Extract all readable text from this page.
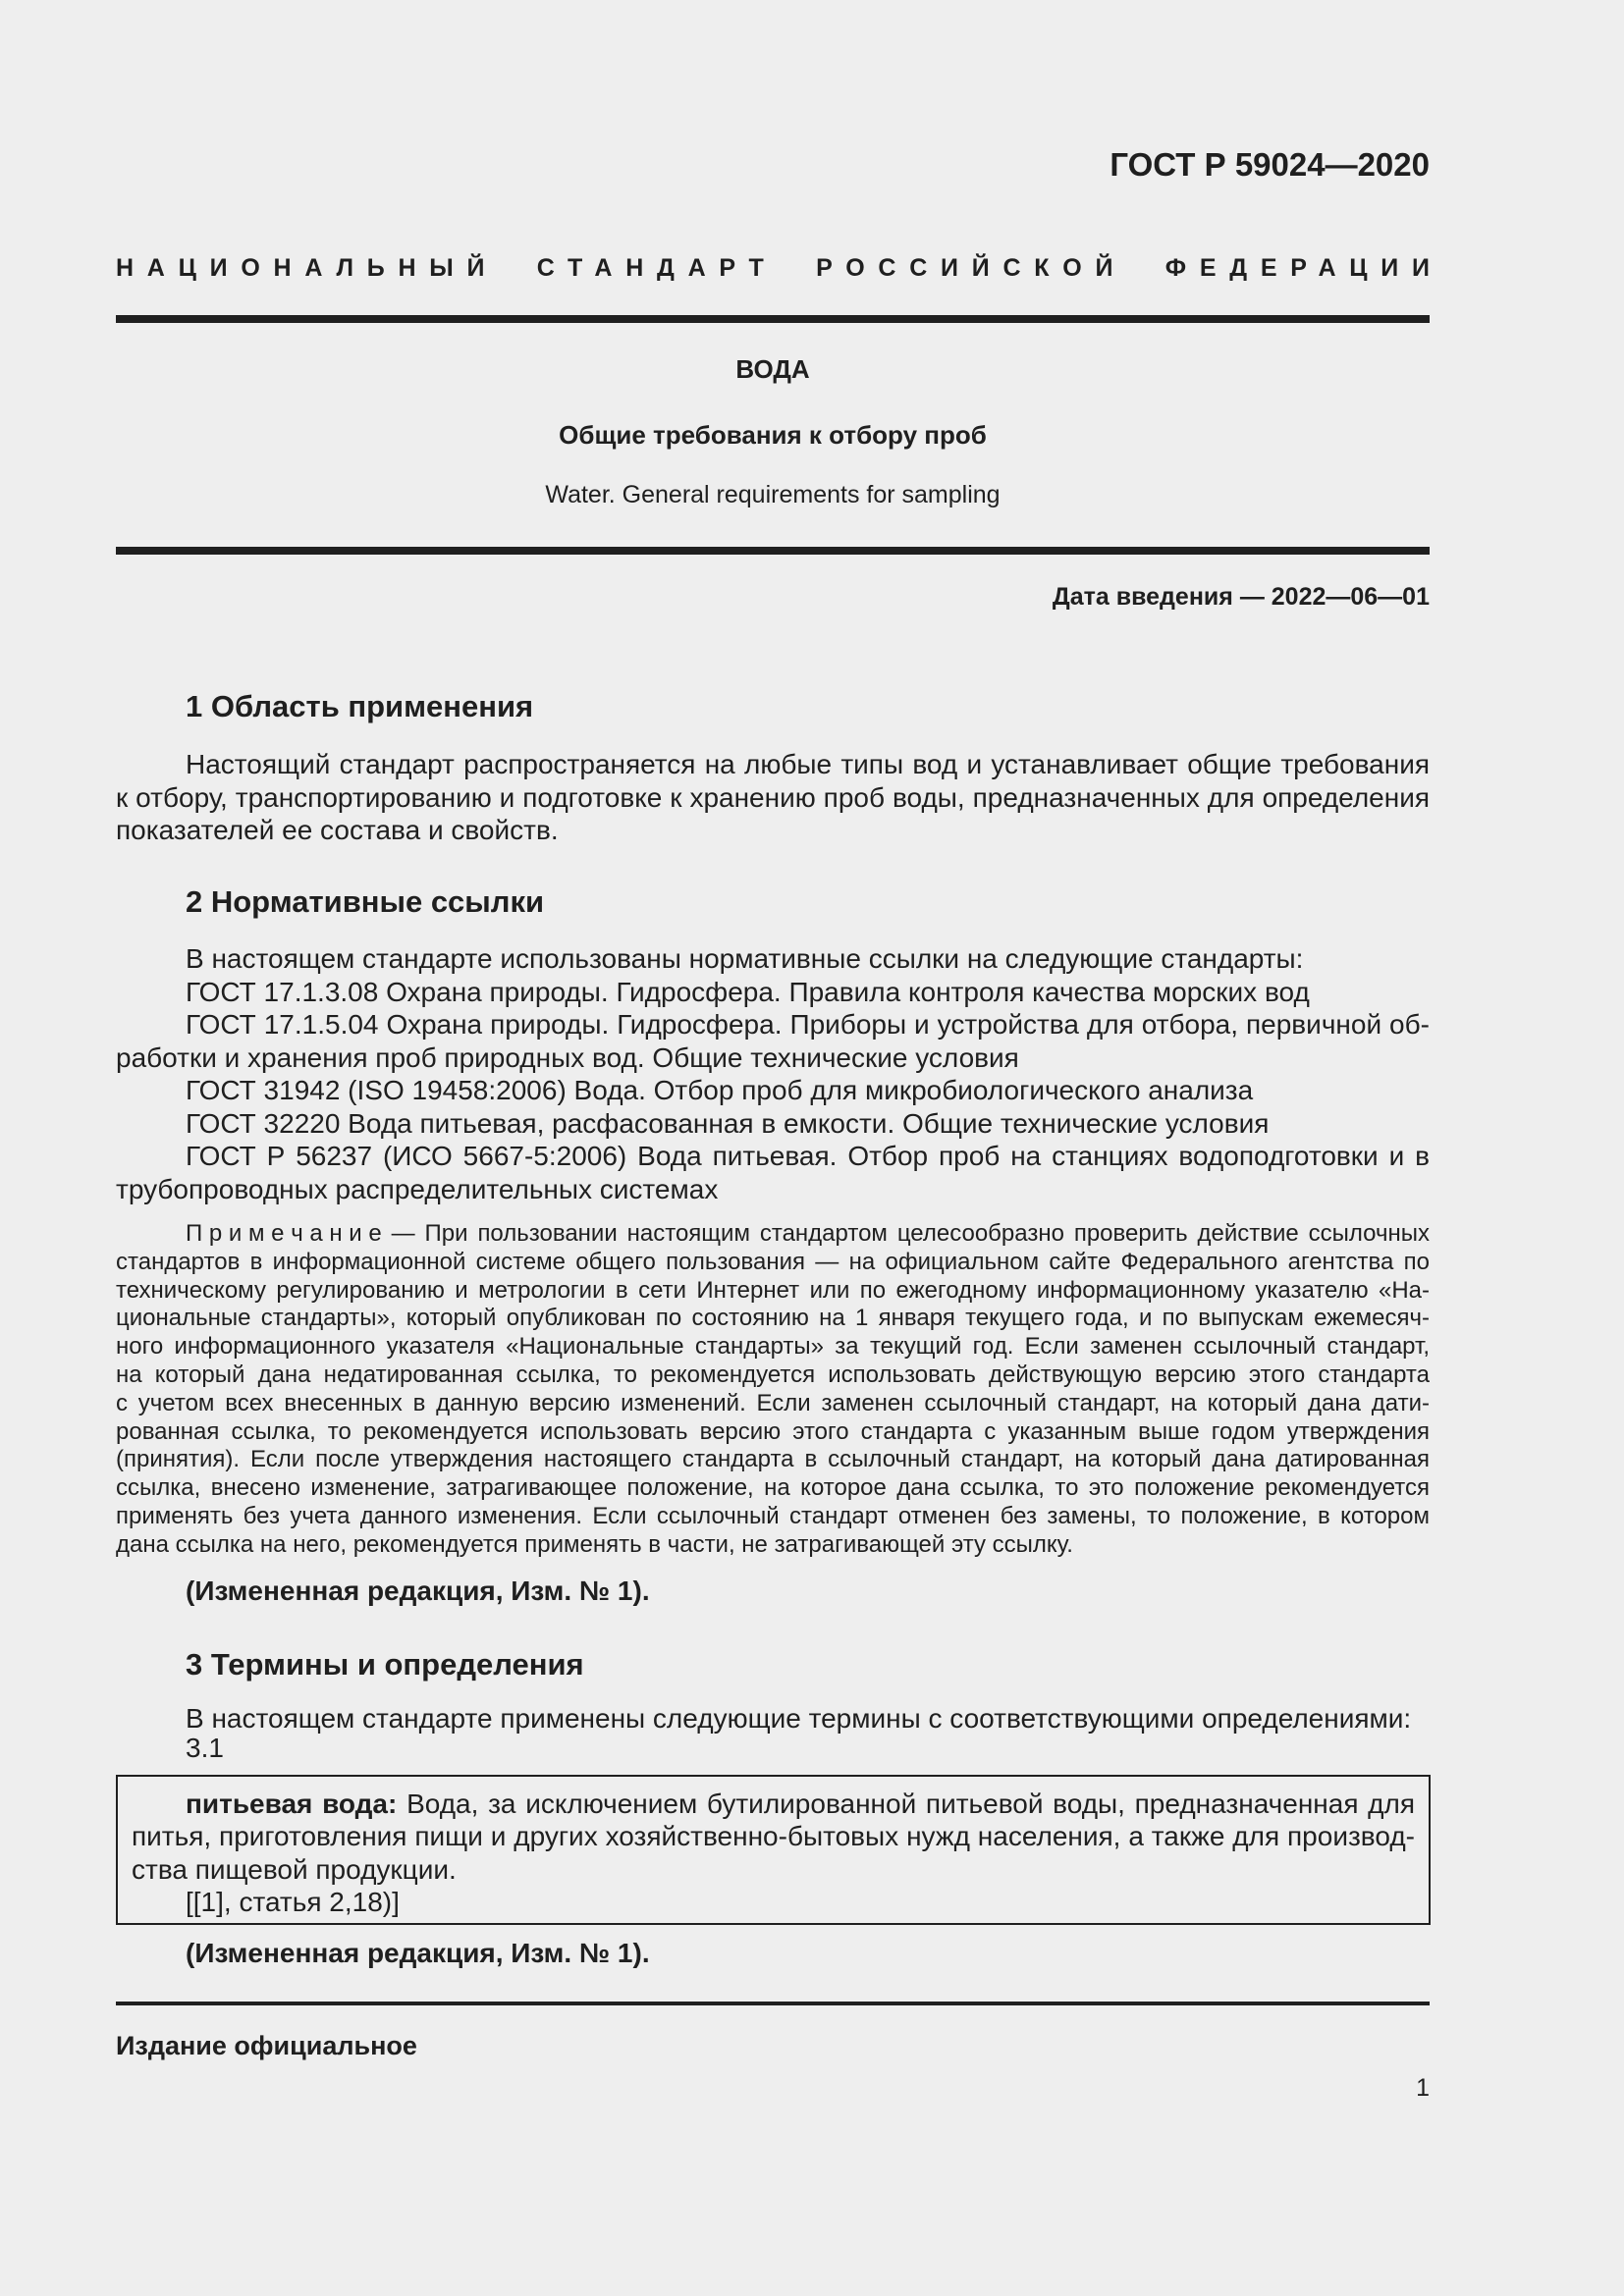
ГОСТ Р 59024—2020
НАЦИОНАЛЬНЫЙ СТАНДАРТ РОССИЙСКОЙ ФЕДЕРАЦИИ
ВОДА
Общие требования к отбору проб
Water. General requirements for sampling
Дата введения — 2022—06—01
1 Область применения
Настоящий стандарт распространяется на любые типы вод и устанавливает общие требования
к отбору, транспортированию и подготовке к хранению проб воды, предназначенных для определения
показателей ее состава и свойств.
2 Нормативные ссылки
В настоящем стандарте использованы нормативные ссылки на следующие стандарты:
ГОСТ 17.1.3.08 Охрана природы. Гидросфера. Правила контроля качества морских вод
ГОСТ 17.1.5.04 Охрана природы. Гидросфера. Приборы и устройства для отбора, первичной об-
работки и хранения проб природных вод. Общие технические условия
ГОСТ 31942 (ISO 19458:2006) Вода. Отбор проб для микробиологического анализа
ГОСТ 32220 Вода питьевая, расфасованная в емкости. Общие технические условия
ГОСТ Р 56237 (ИСО 5667-5:2006) Вода питьевая. Отбор проб на станциях водоподготовки и в
трубопроводных распределительных системах
П р и м е ч а н и е — При пользовании настоящим стандартом целесообразно проверить действие ссылочных
стандартов в информационной системе общего пользования — на официальном сайте Федерального агентства по
техническому регулированию и метрологии в сети Интернет или по ежегодному информационному указателю «На-
циональные стандарты», который опубликован по состоянию на 1 января текущего года, и по выпускам ежемесяч-
ного информационного указателя «Национальные стандарты» за текущий год. Если заменен ссылочный стандарт,
на который дана недатированная ссылка, то рекомендуется использовать действующую версию этого стандарта
с учетом всех внесенных в данную версию изменений. Если заменен ссылочный стандарт, на который дана дати-
рованная ссылка, то рекомендуется использовать версию этого стандарта с указанным выше годом утверждения
(принятия). Если после утверждения настоящего стандарта в ссылочный стандарт, на который дана датированная
ссылка, внесено изменение, затрагивающее положение, на которое дана ссылка, то это положение рекомендуется
применять без учета данного изменения. Если ссылочный стандарт отменен без замены, то положение, в котором
дана ссылка на него, рекомендуется применять в части, не затрагивающей эту ссылку.
(Измененная редакция, Изм. № 1).
3 Термины и определения
В настоящем стандарте применены следующие термины с соответствующими определениями:
3.1
питьевая вода: Вода, за исключением бутилированной питьевой воды, предназначенная для
питья, приготовления пищи и других хозяйственно-бытовых нужд населения, а также для производ-
ства пищевой продукции.
[[1], статья 2,18)]
(Измененная редакция, Изм. № 1).
Издание официальное
1
